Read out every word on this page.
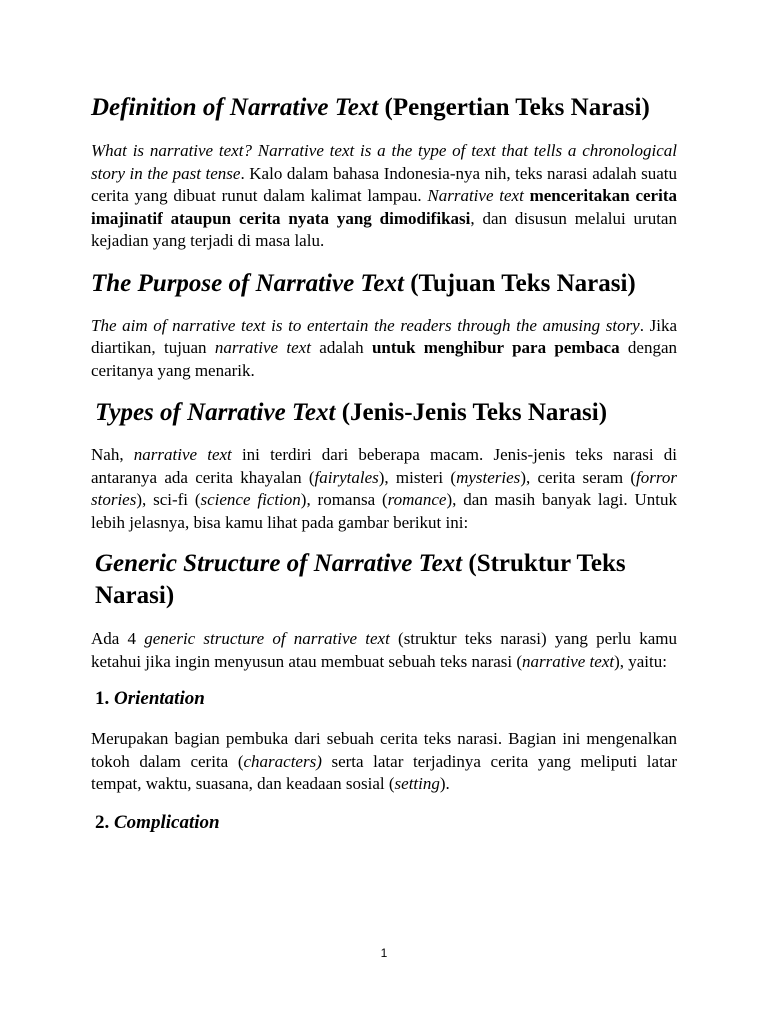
Definition of Narrative Text (Pengertian Teks Narasi)

What is narrative text? Narrative text is a the type of text that tells a chronological story in the past tense. Kalo dalam bahasa Indonesia-nya nih, teks narasi adalah suatu cerita yang dibuat runut dalam kalimat lampau. Narrative text menceritakan cerita imajinatif ataupun cerita nyata yang dimodifikasi, dan disusun melalui urutan kejadian yang terjadi di masa lalu.

The Purpose of Narrative Text (Tujuan Teks Narasi)

The aim of narrative text is to entertain the readers through the amusing story. Jika diartikan, tujuan narrative text adalah untuk menghibur para pembaca dengan ceritanya yang menarik.

Types of Narrative Text (Jenis-Jenis Teks Narasi)

Nah, narrative text ini terdiri dari beberapa macam. Jenis-jenis teks narasi di antaranya ada cerita khayalan (fairytales), misteri (mysteries), cerita seram (forror stories), sci-fi (science fiction), romansa (romance), dan masih banyak lagi. Untuk lebih jelasnya, bisa kamu lihat pada gambar berikut ini:

Generic Structure of Narrative Text (Struktur Teks Narasi)

Ada 4 generic structure of narrative text (struktur teks narasi) yang perlu kamu ketahui jika ingin menyusun atau membuat sebuah teks narasi (narrative text), yaitu:

1. Orientation

Merupakan bagian pembuka dari sebuah cerita teks narasi. Bagian ini mengenalkan tokoh dalam cerita (characters) serta latar terjadinya cerita yang meliputi latar tempat, waktu, suasana, dan keadaan sosial (setting).

2. Complication
1
